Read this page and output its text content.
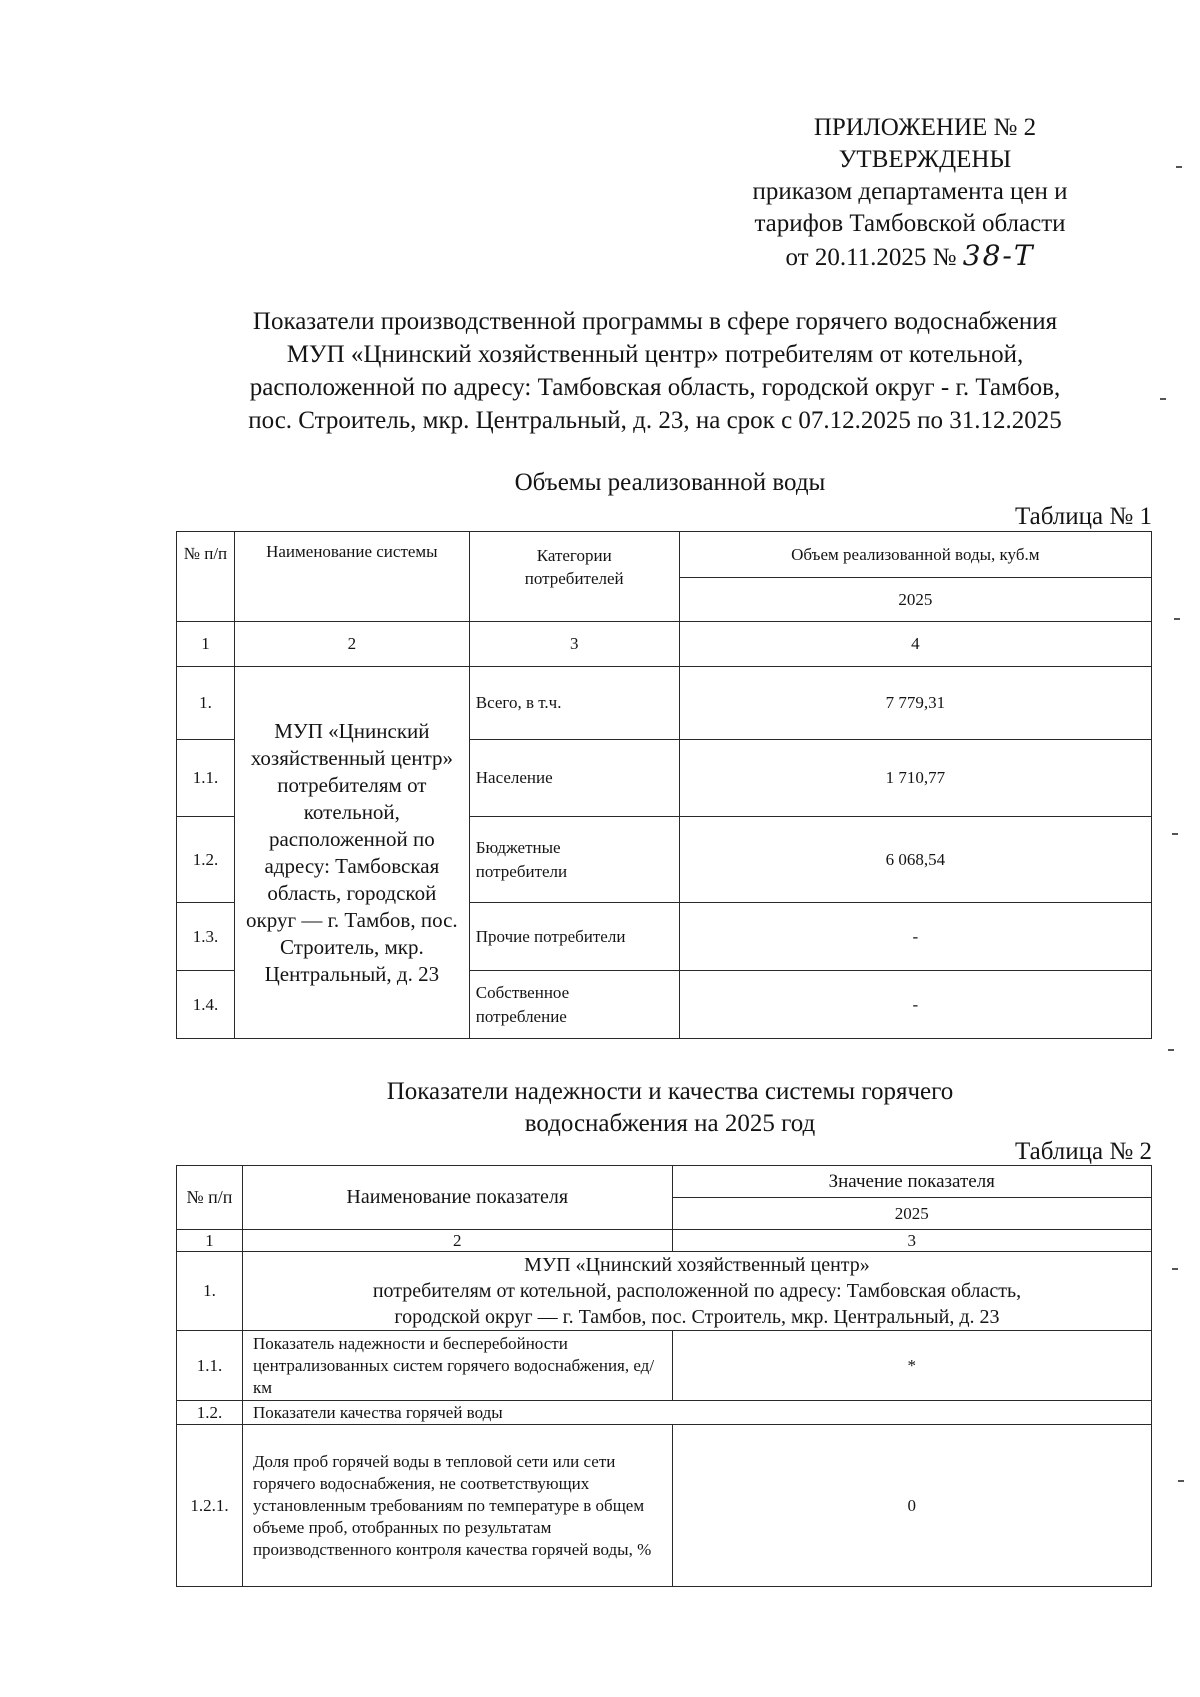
ПРИЛОЖЕНИЕ № 2
УТВЕРЖДЕНЫ
приказом департамента цен и
тарифов Тамбовской области
от 20.11.2025 № 38-Т
Показатели производственной программы в сфере горячего водоснабжения
МУП «Цнинский хозяйственный центр» потребителям от котельной,
расположенной по адресу: Тамбовская область, городской округ - г. Тамбов,
пос. Строитель, мкр. Центральный, д. 23, на срок с 07.12.2025 по 31.12.2025
Объемы реализованной воды
Таблица № 1
№ п/п	Наименование системы	Категории потребителей	Объем реализованной воды, куб.м
			2025
1	2	3	4
1.	МУП «Цнинский хозяйственный центр» потребителям от котельной, расположенной по адресу: Тамбовская область, городской округ — г. Тамбов, пос. Строитель, мкр. Центральный, д. 23	Всего, в т.ч.	7 779,31
1.1.		Население	1 710,77
1.2.		Бюджетные потребители	6 068,54
1.3.		Прочие потребители	-
1.4.		Собственное потребление	-
Показатели надежности и качества системы горячего
водоснабжения на 2025 год
Таблица № 2
№ п/п	Наименование показателя	Значение показателя
		2025
1	2	3
1.	МУП «Цнинский хозяйственный центр»
потребителям от котельной, расположенной по адресу: Тамбовская область,
городской округ — г. Тамбов, пос. Строитель, мкр. Центральный, д. 23	

1.1.	Показатель надежности и бесперебойности централизованных систем горячего водоснабжения, ед/км	*
1.2.	Показатели качества горячей воды	
1.2.1.	Доля проб горячей воды в тепловой сети или сети горячего водоснабжения, не соответствующих установленным требованиям по температуре в общем объеме проб, отобранных по результатам производственного контроля качества горячей воды, %	0
